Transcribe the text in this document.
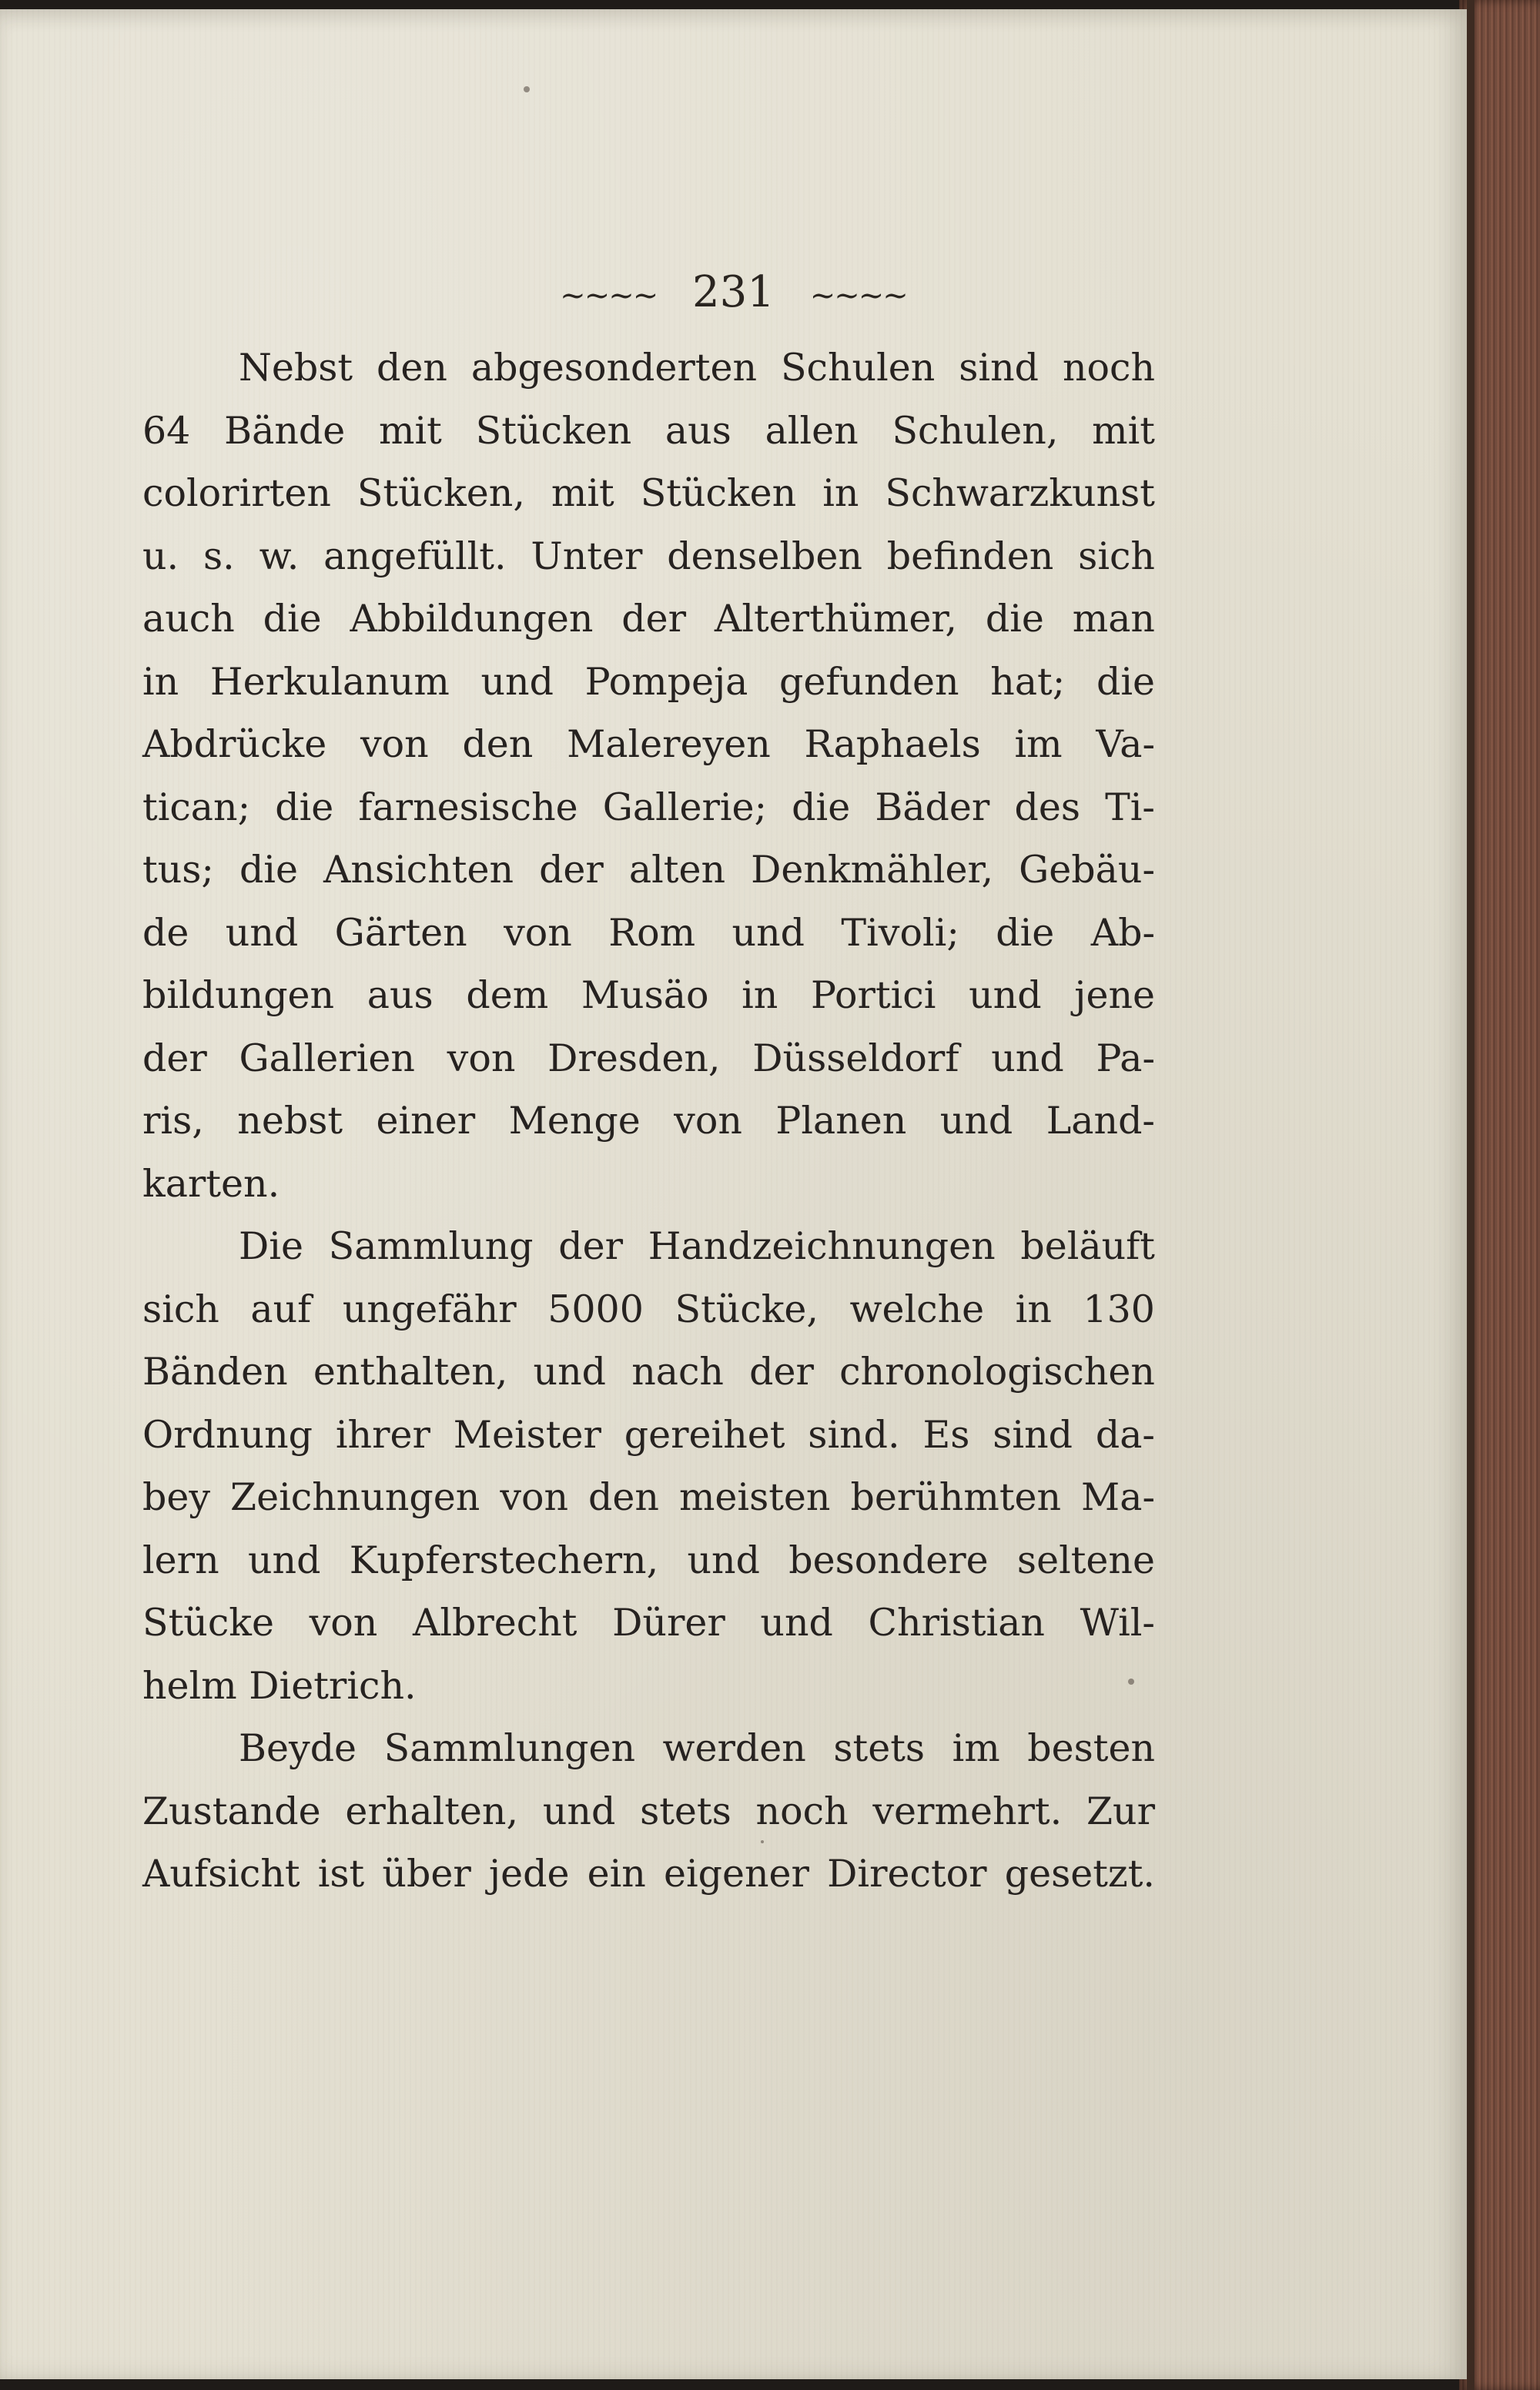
~~~~ 231 ~~~~
Nebst den abgesonderten Schulen sind noch
64 Bände mit Stücken aus allen Schulen, mit
colorirten Stücken, mit Stücken in Schwarzkunst
u. s. w. angefüllt. Unter denselben befinden sich
auch die Abbildungen der Alterthümer, die man
in Herkulanum und Pompeja gefunden hat; die
Abdrücke von den Malereyen Raphaels im Va-
tican; die farnesische Gallerie; die Bäder des Ti-
tus; die Ansichten der alten Denkmähler, Gebäu-
de und Gärten von Rom und Tivoli; die Ab-
bildungen aus dem Musäo in Portici und jene
der Gallerien von Dresden, Düsseldorf und Pa-
ris, nebst einer Menge von Planen und Land-
karten.
Die Sammlung der Handzeichnungen beläuft
sich auf ungefähr 5000 Stücke, welche in 130
Bänden enthalten, und nach der chronologischen
Ordnung ihrer Meister gereihet sind. Es sind da-
bey Zeichnungen von den meisten berühmten Ma-
lern und Kupferstechern, und besondere seltene
Stücke von Albrecht Dürer und Christian Wil-
helm Dietrich.
Beyde Sammlungen werden stets im besten
Zustande erhalten, und stets noch vermehrt. Zur
Aufsicht ist über jede ein eigener Director gesetzt.
